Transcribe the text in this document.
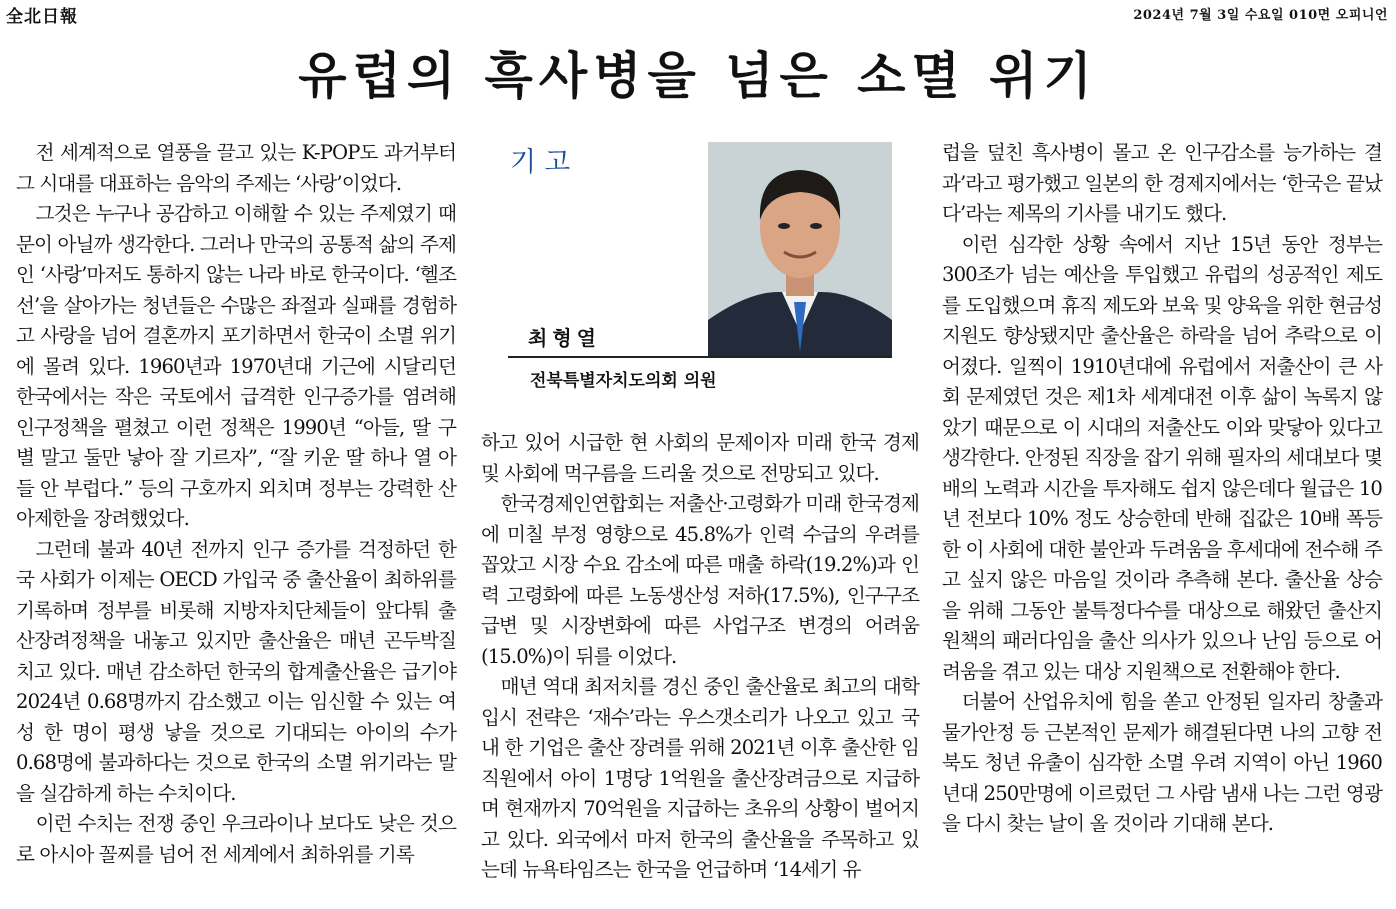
全北日報	2024년 7월 3일 수요일 010면 오피니언
유럽의 흑사병을 넘은 소멸 위기

전 세계적으로 열풍을 끌고 있는 K-POP도 과거부터 그 시대를 대표하는 음악의 주제는 ‘사랑’이었다.

그것은 누구나 공감하고 이해할 수 있는 주제였기 때문이 아닐까 생각한다. 그러나 만국의 공통적 삶의 주제인 ‘사랑’마저도 통하지 않는 나라 바로 한국이다. ‘헬조선’을 살아가는 청년들은 수많은 좌절과 실패를 경험하고 사랑을 넘어 결혼까지 포기하면서 한국이 소멸 위기에 몰려 있다. 1960년과 1970년대 기근에 시달리던 한국에서는 작은 국토에서 급격한 인구증가를 염려해 인구정책을 펼쳤고 이런 정책은 1990년 “아들, 딸 구별 말고 둘만 낳아 잘 기르자”, “잘 키운 딸 하나 열 아들 안 부럽다.” 등의 구호까지 외치며 정부는 강력한 산아제한을 장려했었다.

그런데 불과 40년 전까지 인구 증가를 걱정하던 한국 사회가 이제는 OECD 가입국 중 출산율이 최하위를 기록하며 정부를 비롯해 지방자치단체들이 앞다퉈 출산장려정책을 내놓고 있지만 출산율은 매년 곤두박질치고 있다. 매년 감소하던 한국의 합계출산율은 급기야 2024년 0.68명까지 감소했고 이는 임신할 수 있는 여성 한 명이 평생 낳을 것으로 기대되는 아이의 수가 0.68명에 불과하다는 것으로 한국의 소멸 위기라는 말을 실감하게 하는 수치이다.

이런 수치는 전쟁 중인 우크라이나 보다도 낮은 것으로 아시아 꼴찌를 넘어 전 세계에서 최하위를 기록

기고
최형열
전북특별자치도의회 의원

하고 있어 시급한 현 사회의 문제이자 미래 한국 경제 및 사회에 먹구름을 드리울 것으로 전망되고 있다.

한국경제인연합회는 저출산·고령화가 미래 한국경제에 미칠 부정 영향으로 45.8%가 인력 수급의 우려를 꼽았고 시장 수요 감소에 따른 매출 하락(19.2%)과 인력 고령화에 따른 노동생산성 저하(17.5%), 인구구조 급변 및 시장변화에 따른 사업구조 변경의 어려움(15.0%)이 뒤를 이었다.

매년 역대 최저치를 경신 중인 출산율로 최고의 대학 입시 전략은 ‘재수’라는 우스갯소리가 나오고 있고 국내 한 기업은 출산 장려를 위해 2021년 이후 출산한 임직원에서 아이 1명당 1억원을 출산장려금으로 지급하며 현재까지 70억원을 지급하는 초유의 상황이 벌어지고 있다. 외국에서 마저 한국의 출산율을 주목하고 있는데 뉴욕타임즈는 한국을 언급하며 ‘14세기 유

럽을 덮친 흑사병이 몰고 온 인구감소를 능가하는 결과’라고 평가했고 일본의 한 경제지에서는 ‘한국은 끝났다’라는 제목의 기사를 내기도 했다.

이런 심각한 상황 속에서 지난 15년 동안 정부는 300조가 넘는 예산을 투입했고 유럽의 성공적인 제도를 도입했으며 휴직 제도와 보육 및 양육을 위한 현금성 지원도 향상됐지만 출산율은 하락을 넘어 추락으로 이어졌다. 일찍이 1910년대에 유럽에서 저출산이 큰 사회 문제였던 것은 제1차 세계대전 이후 삶이 녹록지 않았기 때문으로 이 시대의 저출산도 이와 맞닿아 있다고 생각한다. 안정된 직장을 잡기 위해 필자의 세대보다 몇 배의 노력과 시간을 투자해도 쉽지 않은데다 월급은 10년 전보다 10% 정도 상승한데 반해 집값은 10배 폭등한 이 사회에 대한 불안과 두려움을 후세대에 전수해 주고 싶지 않은 마음일 것이라 추측해 본다. 출산율 상승을 위해 그동안 불특정다수를 대상으로 해왔던 출산지원책의 패러다임을 출산 의사가 있으나 난임 등으로 어려움을 겪고 있는 대상 지원책으로 전환해야 한다.

더불어 산업유치에 힘을 쏟고 안정된 일자리 창출과 물가안정 등 근본적인 문제가 해결된다면 나의 고향 전북도 청년 유출이 심각한 소멸 우려 지역이 아닌 1960년대 250만명에 이르렀던 그 사람 냄새 나는 그런 영광을 다시 찾는 날이 올 것이라 기대해 본다.
